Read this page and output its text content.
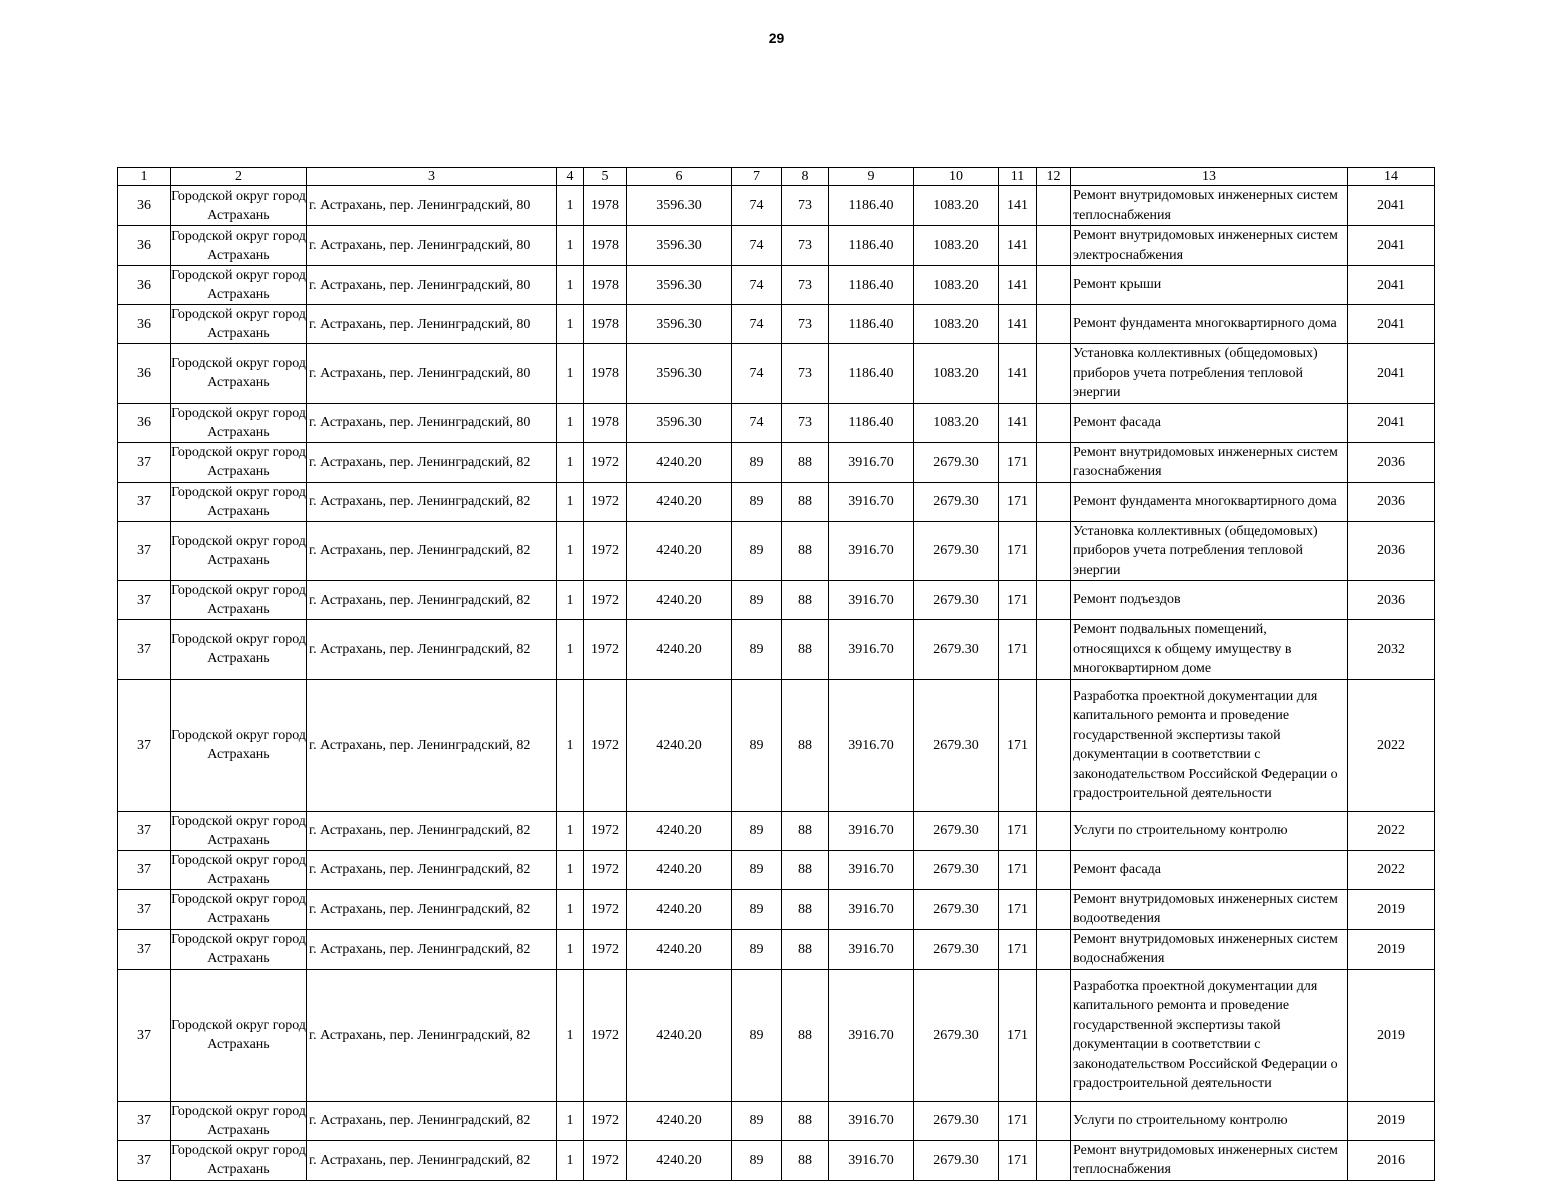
29
1	2	3	4	5	6	7	8	9	10	11	12	13	14
36	Городской округ город Астрахань	г. Астрахань, пер. Ленинградский, 80	1	1978	3596.30	74	73	1186.40	1083.20	141		Ремонт внутридомовых инженерных систем теплоснабжения	2041
36	Городской округ город Астрахань	г. Астрахань, пер. Ленинградский, 80	1	1978	3596.30	74	73	1186.40	1083.20	141		Ремонт внутридомовых инженерных систем электроснабжения	2041
36	Городской округ город Астрахань	г. Астрахань, пер. Ленинградский, 80	1	1978	3596.30	74	73	1186.40	1083.20	141		Ремонт крыши	2041
36	Городской округ город Астрахань	г. Астрахань, пер. Ленинградский, 80	1	1978	3596.30	74	73	1186.40	1083.20	141		Ремонт фундамента многоквартирного дома	2041
36	Городской округ город Астрахань	г. Астрахань, пер. Ленинградский, 80	1	1978	3596.30	74	73	1186.40	1083.20	141		Установка коллективных (общедомовых) приборов учета потребления тепловой энергии	2041
36	Городской округ город Астрахань	г. Астрахань, пер. Ленинградский, 80	1	1978	3596.30	74	73	1186.40	1083.20	141		Ремонт фасада	2041
37	Городской округ город Астрахань	г. Астрахань, пер. Ленинградский, 82	1	1972	4240.20	89	88	3916.70	2679.30	171		Ремонт внутридомовых инженерных систем газоснабжения	2036
37	Городской округ город Астрахань	г. Астрахань, пер. Ленинградский, 82	1	1972	4240.20	89	88	3916.70	2679.30	171		Ремонт фундамента многоквартирного дома	2036
37	Городской округ город Астрахань	г. Астрахань, пер. Ленинградский, 82	1	1972	4240.20	89	88	3916.70	2679.30	171		Установка коллективных (общедомовых) приборов учета потребления тепловой энергии	2036
37	Городской округ город Астрахань	г. Астрахань, пер. Ленинградский, 82	1	1972	4240.20	89	88	3916.70	2679.30	171		Ремонт подъездов	2036
37	Городской округ город Астрахань	г. Астрахань, пер. Ленинградский, 82	1	1972	4240.20	89	88	3916.70	2679.30	171		Ремонт подвальных помещений, относящихся к общему имуществу в многоквартирном доме	2032
37	Городской округ город Астрахань	г. Астрахань, пер. Ленинградский, 82	1	1972	4240.20	89	88	3916.70	2679.30	171		Разработка проектной документации для капитального ремонта и проведение государственной экспертизы такой документации в соответствии с законодательством Российской Федерации о градостроительной деятельности	2022
37	Городской округ город Астрахань	г. Астрахань, пер. Ленинградский, 82	1	1972	4240.20	89	88	3916.70	2679.30	171		Услуги по строительному контролю	2022
37	Городской округ город Астрахань	г. Астрахань, пер. Ленинградский, 82	1	1972	4240.20	89	88	3916.70	2679.30	171		Ремонт фасада	2022
37	Городской округ город Астрахань	г. Астрахань, пер. Ленинградский, 82	1	1972	4240.20	89	88	3916.70	2679.30	171		Ремонт внутридомовых инженерных систем водоотведения	2019
37	Городской округ город Астрахань	г. Астрахань, пер. Ленинградский, 82	1	1972	4240.20	89	88	3916.70	2679.30	171		Ремонт внутридомовых инженерных систем водоснабжения	2019
37	Городской округ город Астрахань	г. Астрахань, пер. Ленинградский, 82	1	1972	4240.20	89	88	3916.70	2679.30	171		Разработка проектной документации для капитального ремонта и проведение государственной экспертизы такой документации в соответствии с законодательством Российской Федерации о градостроительной деятельности	2019
37	Городской округ город Астрахань	г. Астрахань, пер. Ленинградский, 82	1	1972	4240.20	89	88	3916.70	2679.30	171		Услуги по строительному контролю	2019
37	Городской округ город Астрахань	г. Астрахань, пер. Ленинградский, 82	1	1972	4240.20	89	88	3916.70	2679.30	171		Ремонт внутридомовых инженерных систем теплоснабжения	2016
